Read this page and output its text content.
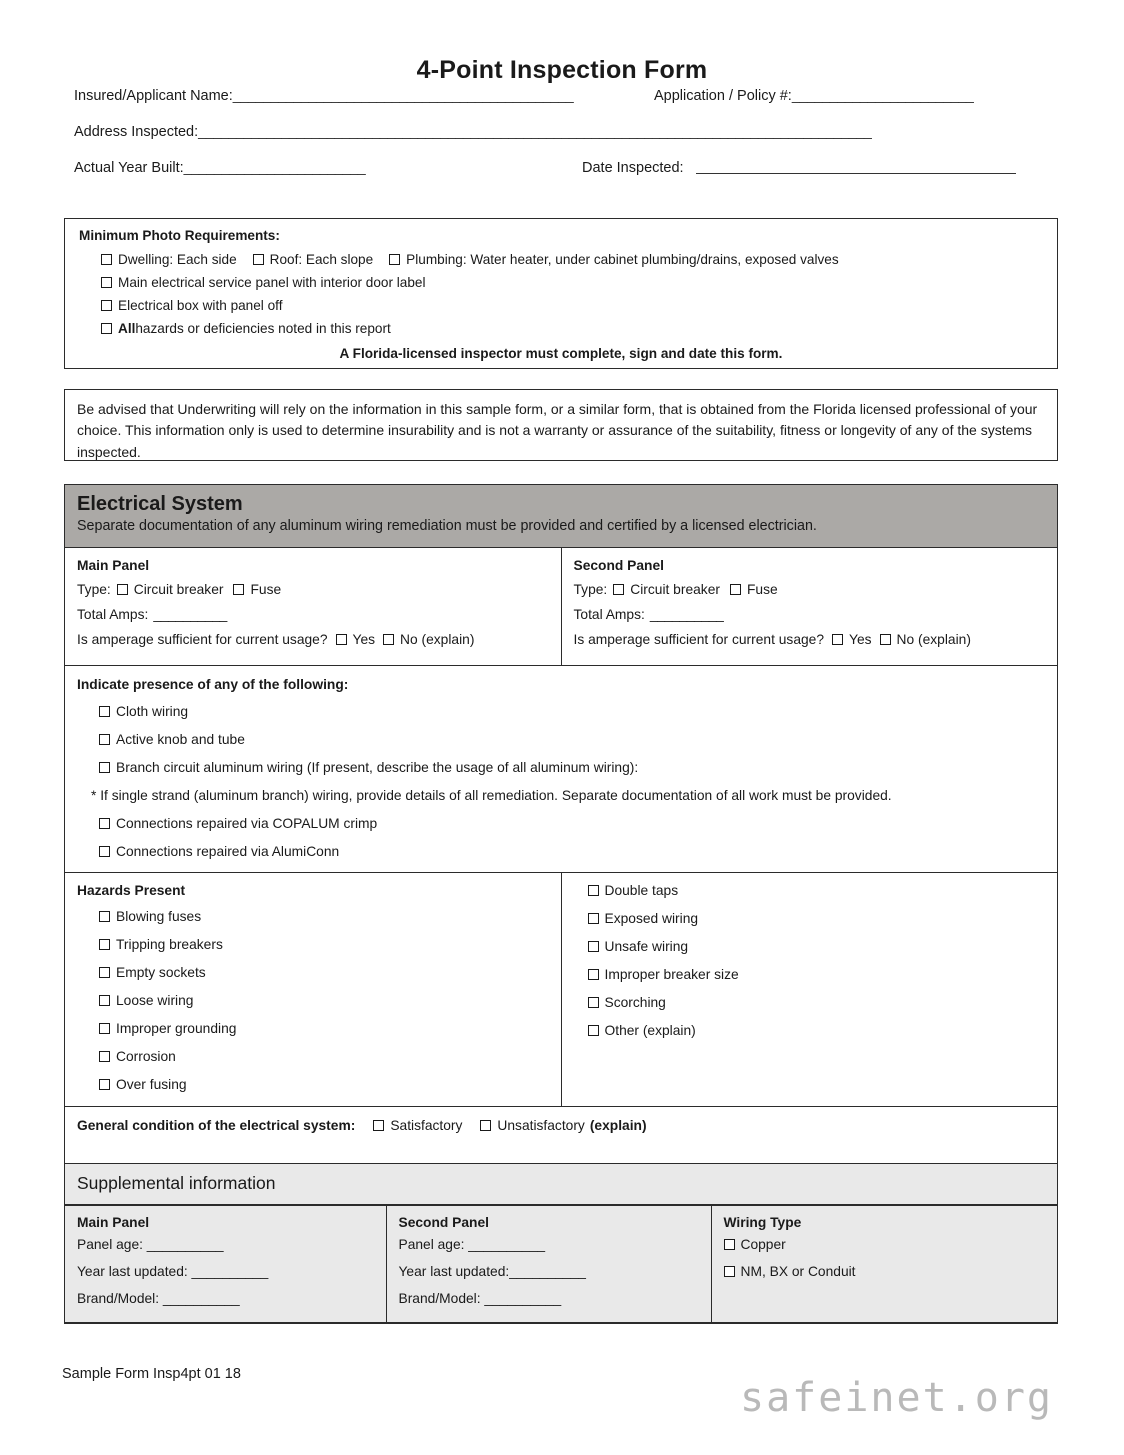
4-Point Inspection Form
Insured/Applicant Name:_____________________________________________	Application / Policy #:________________________
Address Inspected:_________________________________________________________________________________________
Actual Year Built:________________________	Date Inspected:
Minimum Photo Requirements:
Dwelling: Each side Roof: Each slope Plumbing: Water heater, under cabinet plumbing/drains, exposed valves
Main electrical service panel with interior door label
Electrical box with panel off
All hazards or deficiencies noted in this report
A Florida-licensed inspector must complete, sign and date this form.
Be advised that Underwriting will rely on the information in this sample form, or a similar form, that is obtained from the Florida licensed professional of your choice. This information only is used to determine insurability and is not a warranty or assurance of the suitability, fitness or longevity of any of the systems inspected.
Electrical System
Separate documentation of any aluminum wiring remediation must be provided and certified by a licensed electrician.

Main Panel
Type: Circuit breaker Fuse
Total Amps: __________
Is amperage sufficient for current usage? Yes No (explain)

Second Panel
Type: Circuit breaker Fuse
Total Amps: __________
Is amperage sufficient for current usage? Yes No (explain)

Indicate presence of any of the following:
Cloth wiring
Active knob and tube
Branch circuit aluminum wiring (If present, describe the usage of all aluminum wiring):
* If single strand (aluminum branch) wiring, provide details of all remediation. Separate documentation of all work must be provided.
Connections repaired via COPALUM crimp
Connections repaired via AlumiConn

Hazards Present
Blowing fuses
Tripping breakers
Empty sockets
Loose wiring
Improper grounding
Corrosion
Over fusing

Double taps
Exposed wiring
Unsafe wiring
Improper breaker size
Scorching
Other (explain)

General condition of the electrical system:	Satisfactory	Unsatisfactory (explain)

Supplemental information

Main Panel
Panel age: __________
Year last updated: __________
Brand/Model: __________

Second Panel
Panel age: __________
Year last updated:__________
Brand/Model: __________

Wiring Type
Copper
NM, BX or Conduit
Sample Form Insp4pt 01 18
safeinet.org
